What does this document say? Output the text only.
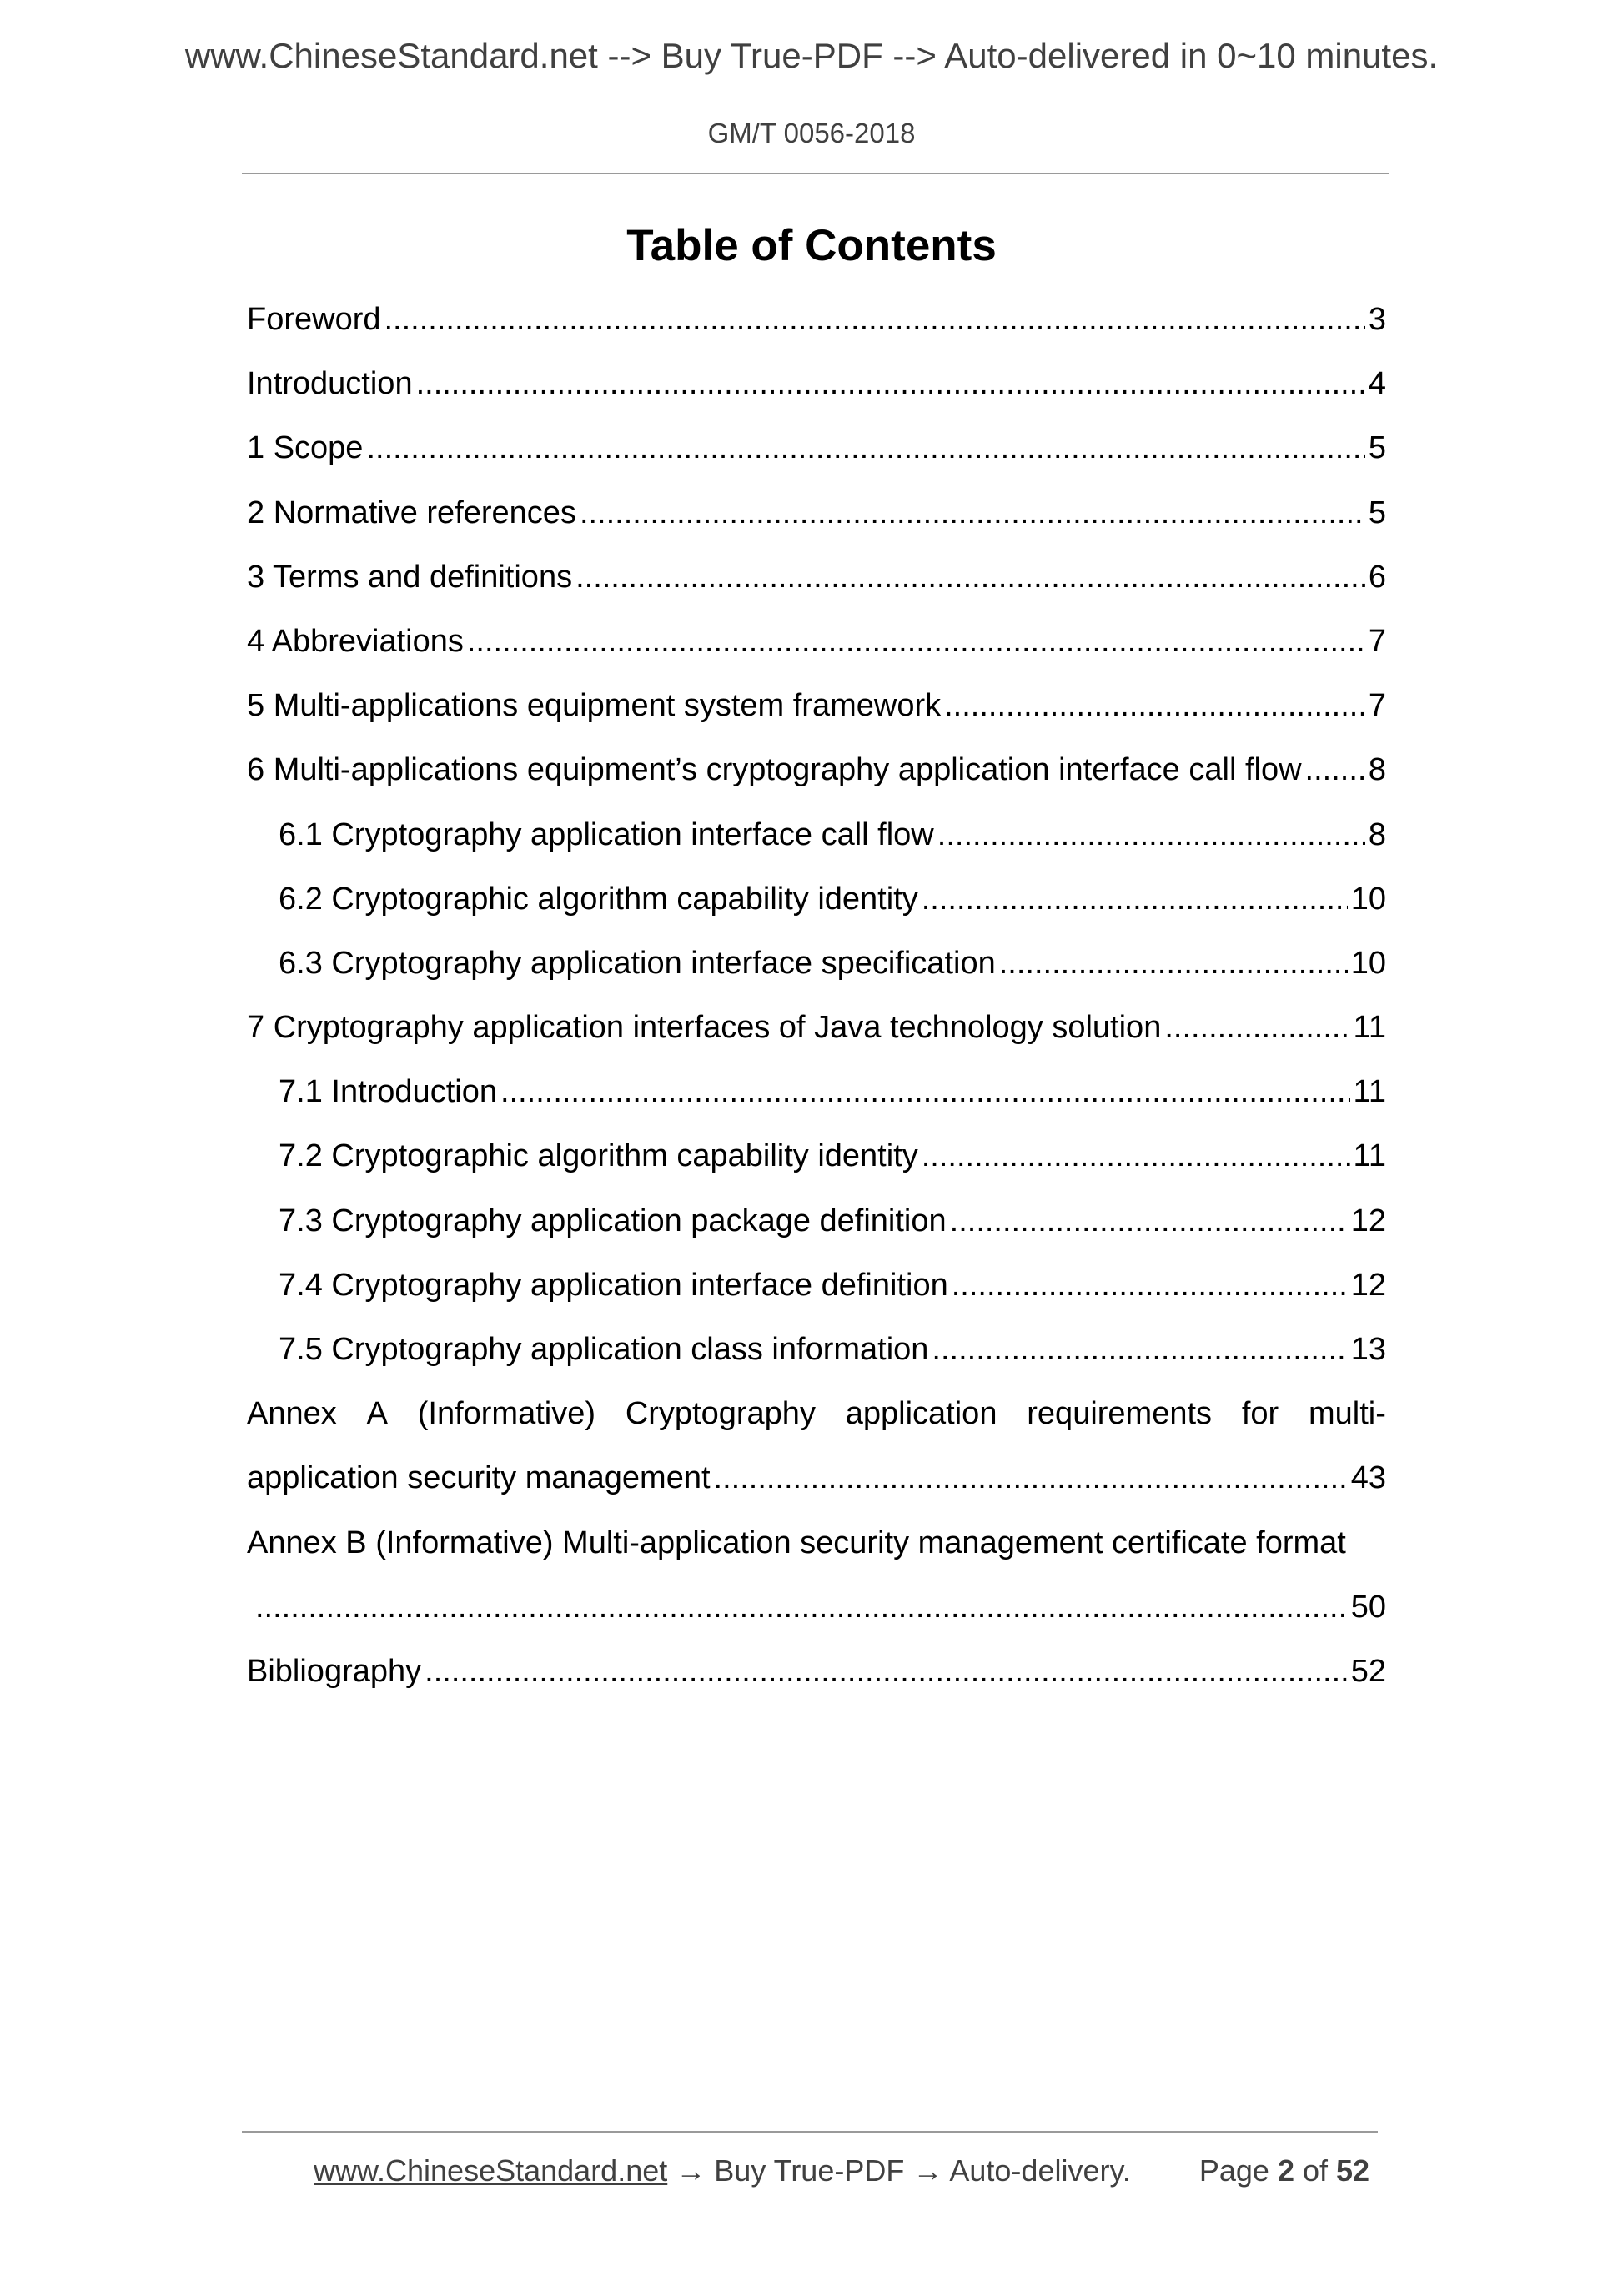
www.ChineseStandard.net --> Buy True-PDF --> Auto-delivered in 0~10 minutes.
GM/T 0056-2018
Table of Contents
Foreword .....	3
Introduction .....	4
1 Scope .....	5
2 Normative references .....	5
3 Terms and definitions .....	6
4 Abbreviations .....	7
5 Multi-applications equipment system framework .....	7
6 Multi-applications equipment’s cryptography application interface call flow ..... 8
6.1 Cryptography application interface call flow .....	8
6.2 Cryptographic algorithm capability identity .....	10
6.3 Cryptography application interface specification .....	10
7 Cryptography application interfaces of Java technology solution .....	11
7.1 Introduction .....	11
7.2 Cryptographic algorithm capability identity .....	11
7.3 Cryptography application package definition .....	12
7.4 Cryptography application interface definition .....	12
7.5 Cryptography application class information .....	13
Annex A (Informative) Cryptography application requirements for multi-
application security management .....	43
Annex B (Informative) Multi-application security management certificate format
.....
50
Bibliography .....	52
www.ChineseStandard.net → Buy True-PDF → Auto-delivery. Page 2 of 52
